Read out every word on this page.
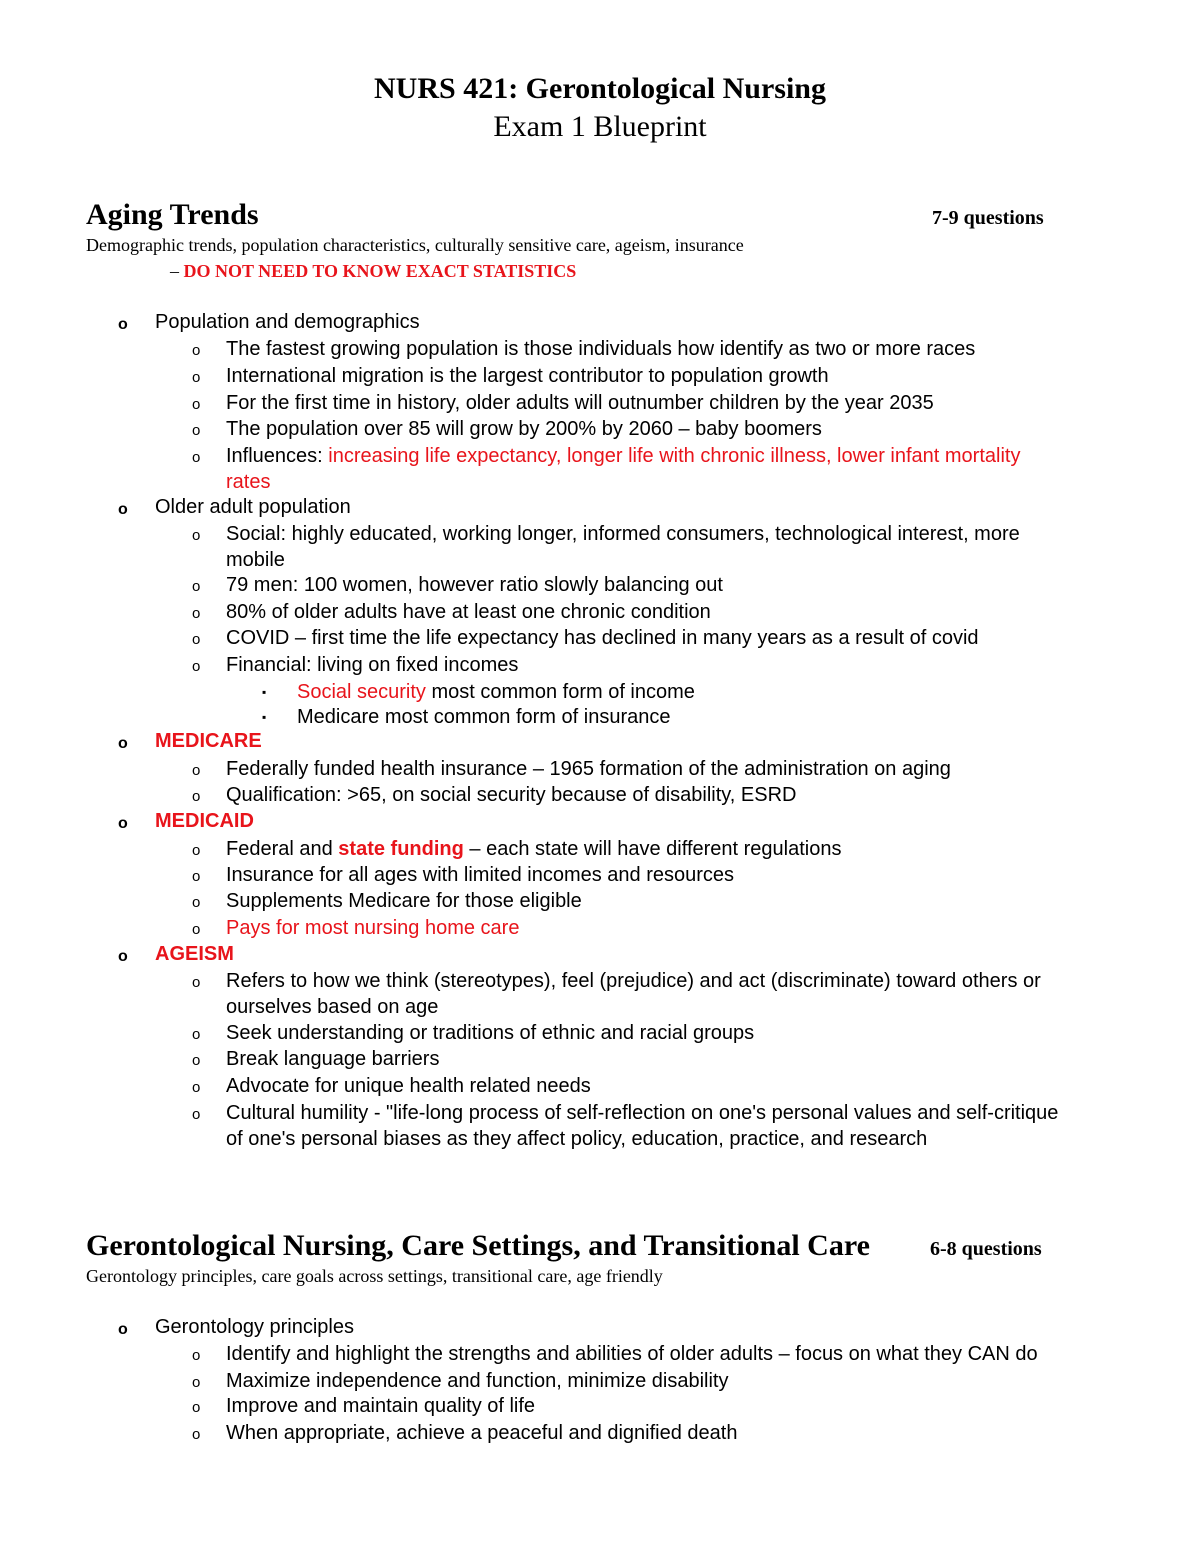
NURS 421: Gerontological Nursing
Exam 1 Blueprint
Aging Trends	7-9 questions
Demographic trends, population characteristics, culturally sensitive care, ageism, insurance
– DO NOT NEED TO KNOW EXACT STATISTICS
o Population and demographics
o The fastest growing population is those individuals how identify as two or more races
o International migration is the largest contributor to population growth
o For the first time in history, older adults will outnumber children by the year 2035
o The population over 85 will grow by 200% by 2060 – baby boomers
o Influences: increasing life expectancy, longer life with chronic illness, lower infant mortality
rates
o Older adult population
o Social: highly educated, working longer, informed consumers, technological interest, more
mobile
o 79 men: 100 women, however ratio slowly balancing out
o 80% of older adults have at least one chronic condition
o COVID – first time the life expectancy has declined in many years as a result of covid
o Financial: living on fixed incomes
▪ Social security most common form of income
▪ Medicare most common form of insurance
o MEDICARE
o Federally funded health insurance – 1965 formation of the administration on aging
o Qualification: >65, on social security because of disability, ESRD
o MEDICAID
o Federal and state funding – each state will have different regulations
o Insurance for all ages with limited incomes and resources
o Supplements Medicare for those eligible
o Pays for most nursing home care
o AGEISM
o Refers to how we think (stereotypes), feel (prejudice) and act (discriminate) toward others or
ourselves based on age
o Seek understanding or traditions of ethnic and racial groups
o Break language barriers
o Advocate for unique health related needs
o Cultural humility - "life-long process of self-reflection on one's personal values and self-critique
of one's personal biases as they affect policy, education, practice, and research
Gerontological Nursing, Care Settings, and Transitional Care	6-8 questions
Gerontology principles, care goals across settings, transitional care, age friendly
o Gerontology principles
o Identify and highlight the strengths and abilities of older adults – focus on what they CAN do
o Maximize independence and function, minimize disability
o Improve and maintain quality of life
o When appropriate, achieve a peaceful and dignified death
